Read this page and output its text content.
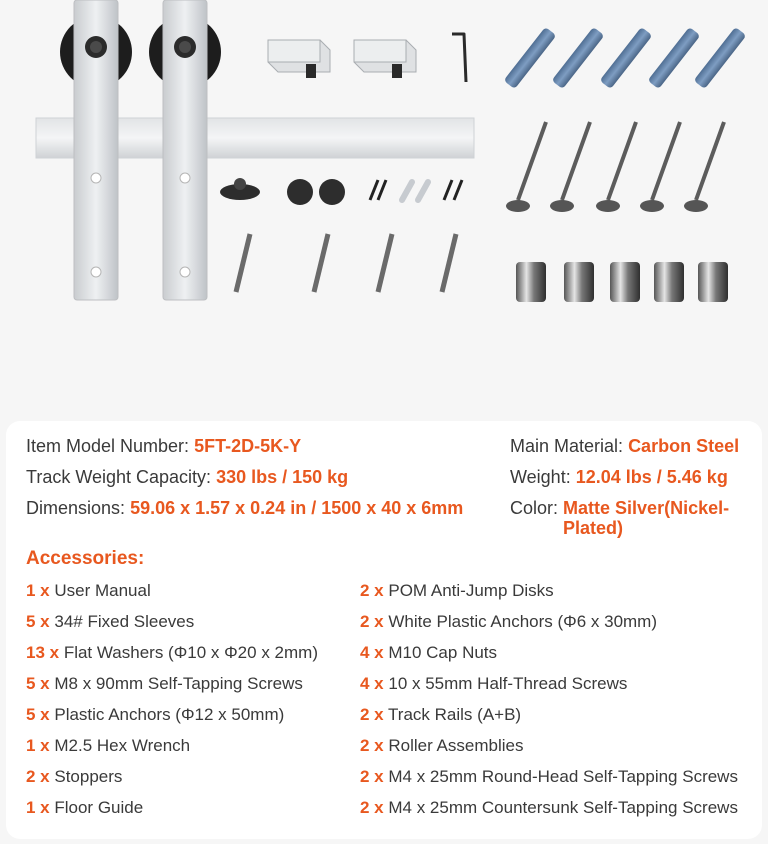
Item Model Number: 5FT-2D-5K-Y
Track Weight Capacity: 330 lbs / 150 kg
Dimensions: 59.06 x 1.57 x 0.24 in / 1500 x 40 x 6mm
Main Material: Carbon Steel
Weight: 12.04 lbs / 5.46 kg
Color: Matte Silver(Nickel-
Plated)
Accessories:
1 x User Manual
5 x 34# Fixed Sleeves
13 x Flat Washers (Φ10 x Φ20 x 2mm)
5 x M8 x 90mm Self-Tapping Screws
5 x Plastic Anchors (Φ12 x 50mm)
1 x M2.5 Hex Wrench
2 x Stoppers
1 x Floor Guide
2 x POM Anti-Jump Disks
2 x White Plastic Anchors (Φ6 x 30mm)
4 x M10 Cap Nuts
4 x 10 x 55mm Half-Thread Screws
2 x Track Rails (A+B)
2 x Roller Assemblies
2 x M4 x 25mm Round-Head Self-Tapping Screws
2 x M4 x 25mm Countersunk Self-Tapping Screws
